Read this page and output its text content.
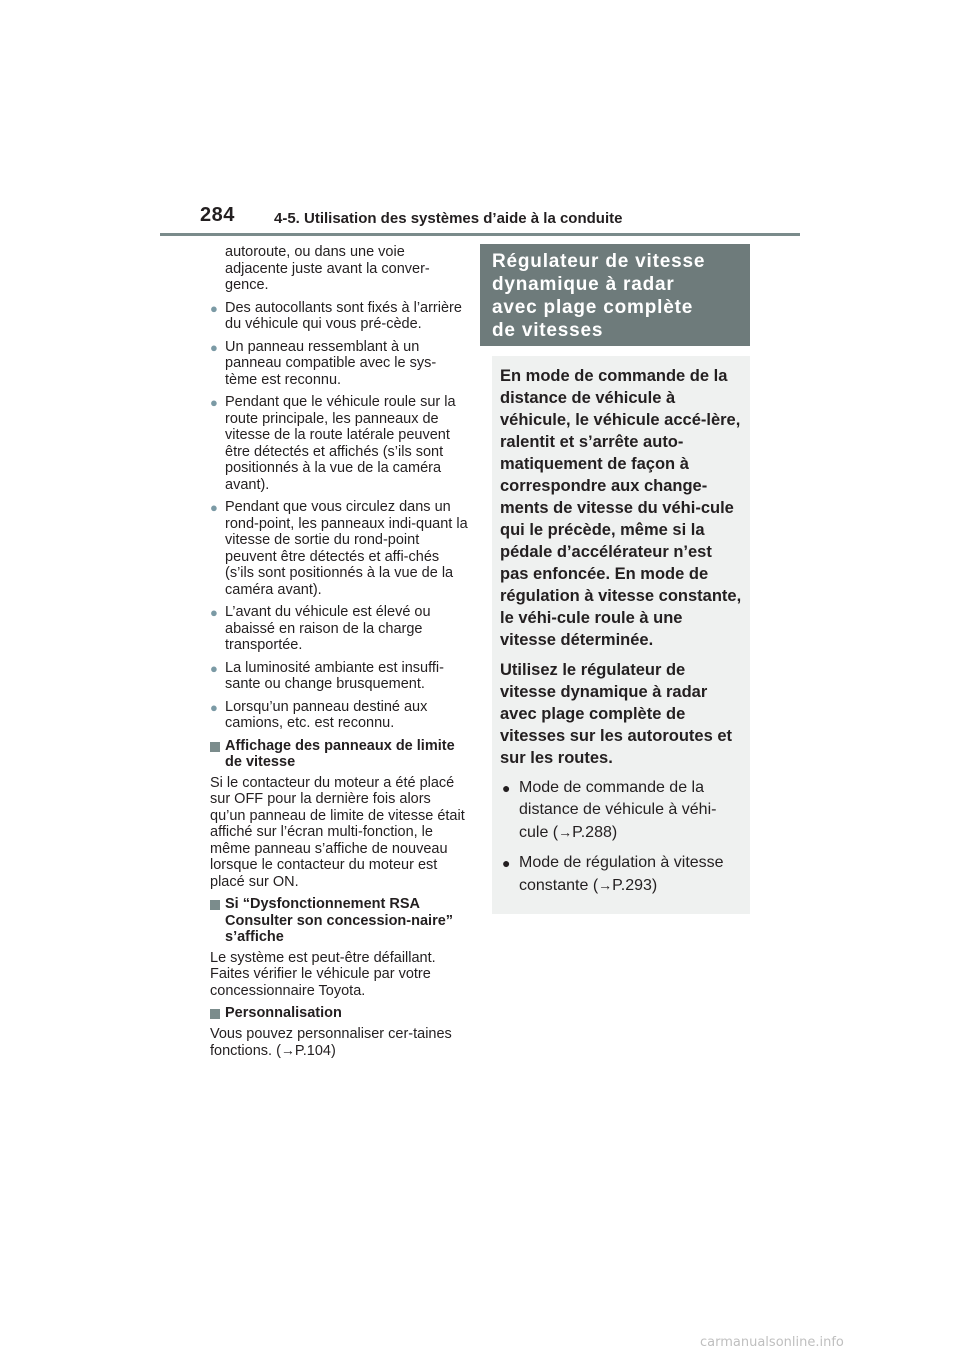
284	4-5. Utilisation des systèmes d’aide à la conduite

autoroute, ou dans une voie adjacente juste avant la conver-gence.

● Des autocollants sont fixés à l’arrière du véhicule qui vous pré-cède.
● Un panneau ressemblant à un panneau compatible avec le sys-tème est reconnu.
● Pendant que le véhicule roule sur la route principale, les panneaux de vitesse de la route latérale peuvent être détectés et affichés (s’ils sont positionnés à la vue de la caméra avant).
● Pendant que vous circulez dans un rond-point, les panneaux indi-quant la vitesse de sortie du rond-point peuvent être détectés et affi-chés (s’ils sont positionnés à la vue de la caméra avant).
● L’avant du véhicule est élevé ou abaissé en raison de la charge transportée.
● La luminosité ambiante est insuffi-sante ou change brusquement.
● Lorsqu’un panneau destiné aux camions, etc. est reconnu.
Affichage des panneaux de limite de vitesse

Si le contacteur du moteur a été placé sur OFF pour la dernière fois alors qu’un panneau de limite de vitesse était affiché sur l’écran multi-fonction, le même panneau s’affiche de nouveau lorsque le contacteur du moteur est placé sur ON.

Si “Dysfonctionnement RSA Consulter son concession-naire” s’affiche

Le système est peut-être défaillant. Faites vérifier le véhicule par votre concessionnaire Toyota.

Personnalisation

Vous pouvez personnaliser cer-taines fonctions. (→P.104)

Régulateur de vitesse
dynamique à radar
avec plage complète
de vitesses

En mode de commande de la distance de véhicule à véhicule, le véhicule accé-lère, ralentit et s’arrête auto-matiquement de façon à correspondre aux change-ments de vitesse du véhi-cule qui le précède, même si la pédale d’accélérateur n’est pas enfoncée. En mode de régulation à vitesse constante, le véhi-cule roule à une vitesse déterminée.

Utilisez le régulateur de vitesse dynamique à radar avec plage complète de vitesses sur les autoroutes et sur les routes.

● Mode de commande de la distance de véhicule à véhi-cule (→P.288)
● Mode de régulation à vitesse constante (→P.293)
carmanualsonline.info
